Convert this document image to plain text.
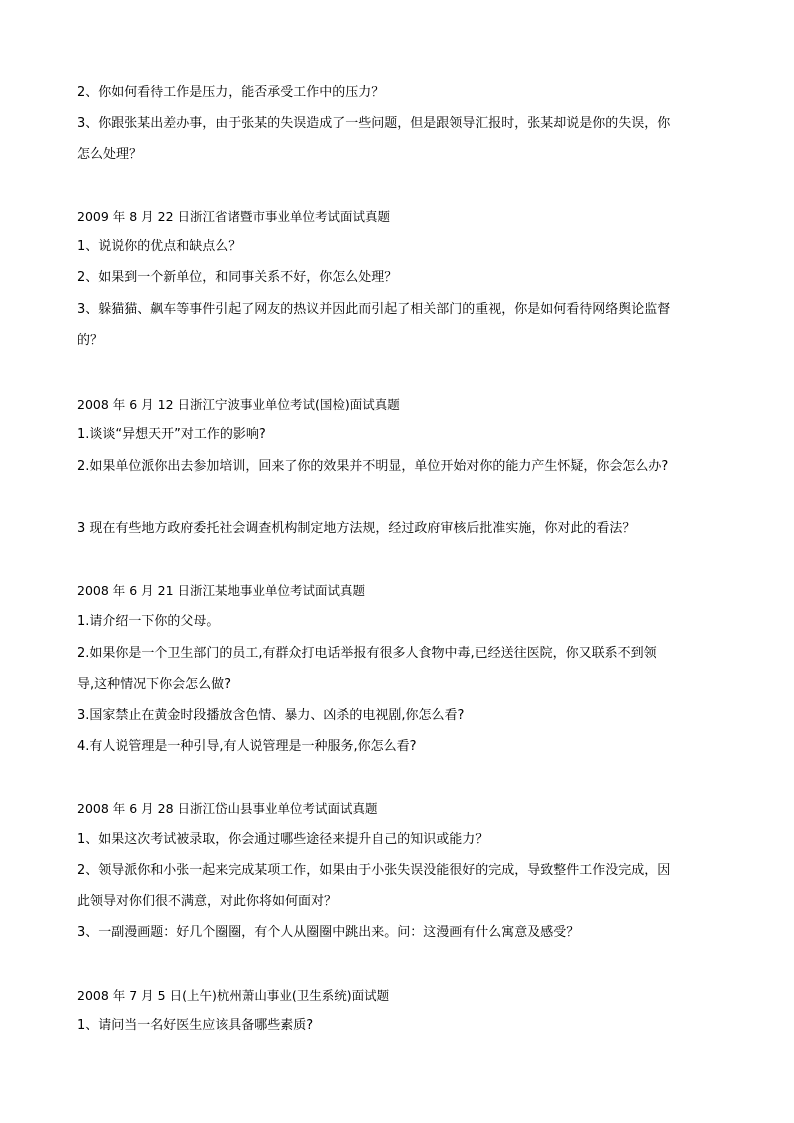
2、你如何看待工作是压力，能否承受工作中的压力？
3、你跟张某出差办事，由于张某的失误造成了一些问题，但是跟领导汇报时，张某却说是你的失误，你
怎么处理？
2009 年 8 月 22 日浙江省诸暨市事业单位考试面试真题
1、说说你的优点和缺点么？
2、如果到一个新单位，和同事关系不好，你怎么处理？
3、躲猫猫、飙车等事件引起了网友的热议并因此而引起了相关部门的重视，你是如何看待网络舆论监督
的？
2008 年 6 月 12 日浙江宁波事业单位考试(国检)面试真题
1.谈谈“异想天开”对工作的影响?
2.如果单位派你出去参加培训，回来了你的效果并不明显，单位开始对你的能力产生怀疑，你会怎么办?
3 现在有些地方政府委托社会调查机构制定地方法规，经过政府审核后批准实施，你对此的看法？
2008 年 6 月 21 日浙江某地事业单位考试面试真题
1.请介绍一下你的父母。
2.如果你是一个卫生部门的员工,有群众打电话举报有很多人食物中毒,已经送往医院，你又联系不到领
导,这种情况下你会怎么做?
3.国家禁止在黄金时段播放含色情、暴力、凶杀的电视剧,你怎么看?
4.有人说管理是一种引导,有人说管理是一种服务,你怎么看?
2008 年 6 月 28 日浙江岱山县事业单位考试面试真题
1、如果这次考试被录取，你会通过哪些途径来提升自己的知识或能力？
2、领导派你和小张一起来完成某项工作，如果由于小张失误没能很好的完成，导致整件工作没完成，因
此领导对你们很不满意，对此你将如何面对？
3、一副漫画题：好几个圈圈，有个人从圈圈中跳出来。问：这漫画有什么寓意及感受？
2008 年 7 月 5 日(上午)杭州萧山事业(卫生系统)面试题
1、请问当一名好医生应该具备哪些素质?
